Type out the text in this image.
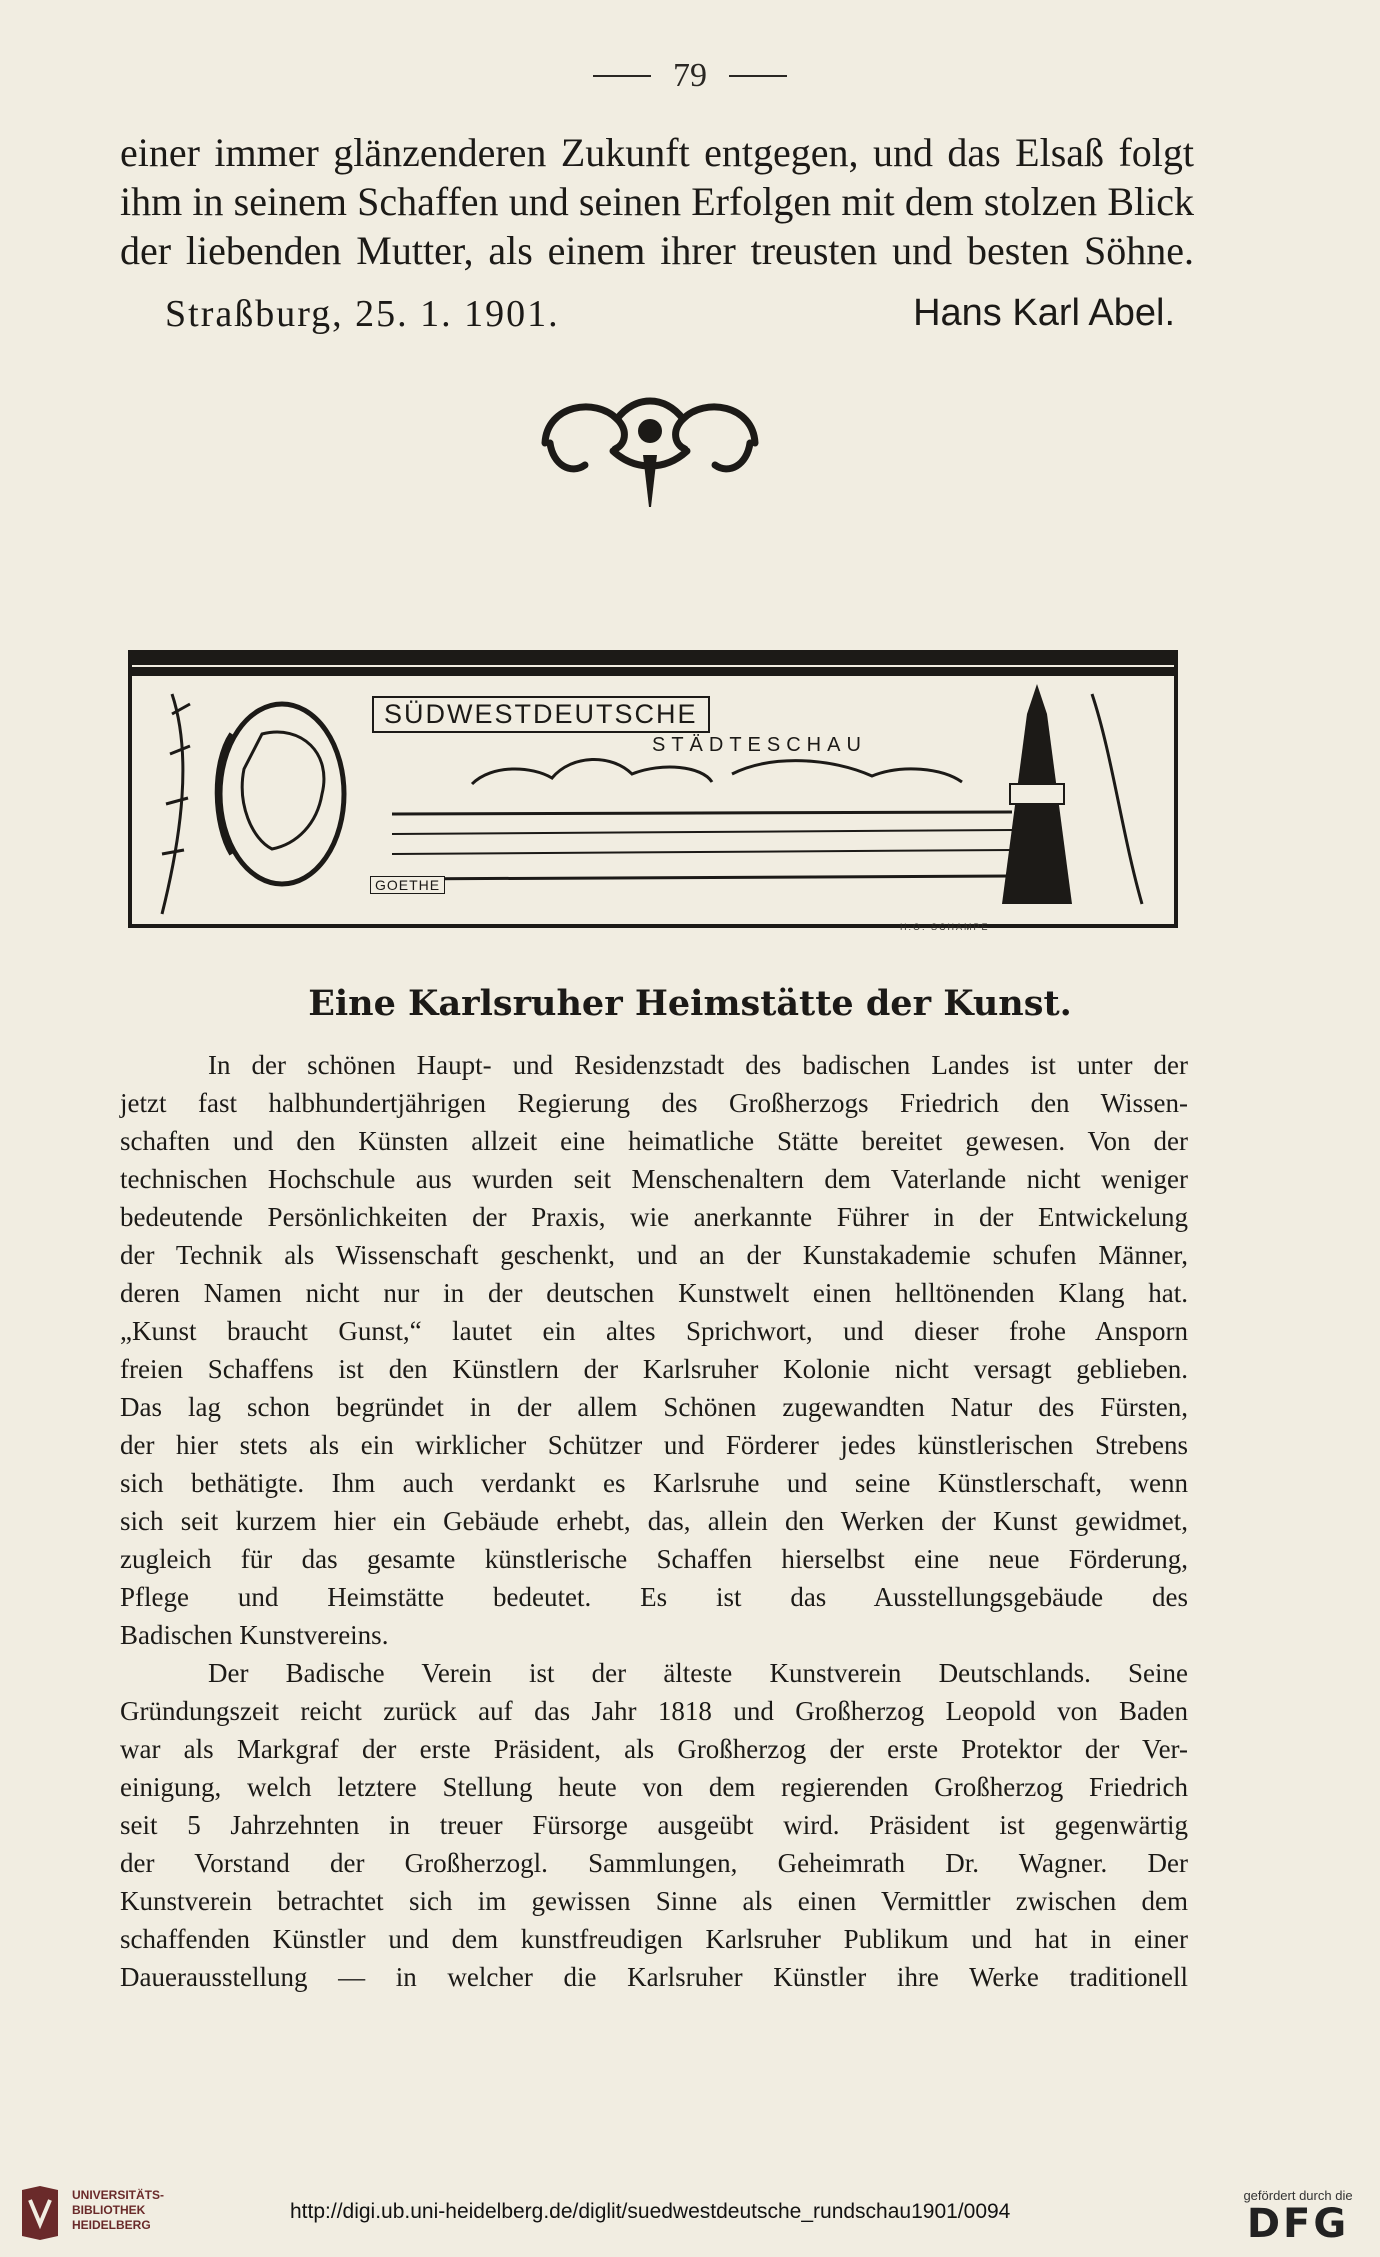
79
einer immer glänzenderen Zukunft entgegen, und das Elsaß folgt
ihm in seinem Schaffen und seinen Erfolgen mit dem stolzen Blick
der liebenden Mutter, als einem ihrer treusten und besten Söhne.
Straßburg, 25. 1. 1901.	Hans Karl Abel.
SÜDWESTDEUTSCHE
STÄDTESCHAU
GOETHE
H.O. SCHAMPE
Eine Karlsruher Heimstätte der Kunst.
In der schönen Haupt- und Residenzstadt des badischen Landes ist unter der
jetzt fast halbhundertjährigen Regierung des Großherzogs Friedrich den Wissen-
schaften und den Künsten allzeit eine heimatliche Stätte bereitet gewesen. Von der
technischen Hochschule aus wurden seit Menschenaltern dem Vaterlande nicht weniger
bedeutende Persönlichkeiten der Praxis, wie anerkannte Führer in der Entwickelung
der Technik als Wissenschaft geschenkt, und an der Kunstakademie schufen Männer,
deren Namen nicht nur in der deutschen Kunstwelt einen helltönenden Klang hat.
„Kunst braucht Gunst,“ lautet ein altes Sprichwort, und dieser frohe Ansporn
freien Schaffens ist den Künstlern der Karlsruher Kolonie nicht versagt geblieben.
Das lag schon begründet in der allem Schönen zugewandten Natur des Fürsten,
der hier stets als ein wirklicher Schützer und Förderer jedes künstlerischen Strebens
sich bethätigte. Ihm auch verdankt es Karlsruhe und seine Künstlerschaft, wenn
sich seit kurzem hier ein Gebäude erhebt, das, allein den Werken der Kunst gewidmet,
zugleich für das gesamte künstlerische Schaffen hierselbst eine neue Förderung,
Pflege und Heimstätte bedeutet. Es ist das Ausstellungsgebäude des
Badischen Kunstvereins.
Der Badische Verein ist der älteste Kunstverein Deutschlands. Seine
Gründungszeit reicht zurück auf das Jahr 1818 und Großherzog Leopold von Baden
war als Markgraf der erste Präsident, als Großherzog der erste Protektor der Ver-
einigung, welch letztere Stellung heute von dem regierenden Großherzog Friedrich
seit 5 Jahrzehnten in treuer Fürsorge ausgeübt wird. Präsident ist gegenwärtig
der Vorstand der Großherzogl. Sammlungen, Geheimrath Dr. Wagner. Der
Kunstverein betrachtet sich im gewissen Sinne als einen Vermittler zwischen dem
schaffenden Künstler und dem kunstfreudigen Karlsruher Publikum und hat in einer
Dauerausstellung — in welcher die Karlsruher Künstler ihre Werke traditionell
UNIVERSITÄTS-
BIBLIOTHEK
HEIDELBERG
http://digi.ub.uni-heidelberg.de/diglit/suedwestdeutsche_rundschau1901/0094
gefördert durch die
DFG
